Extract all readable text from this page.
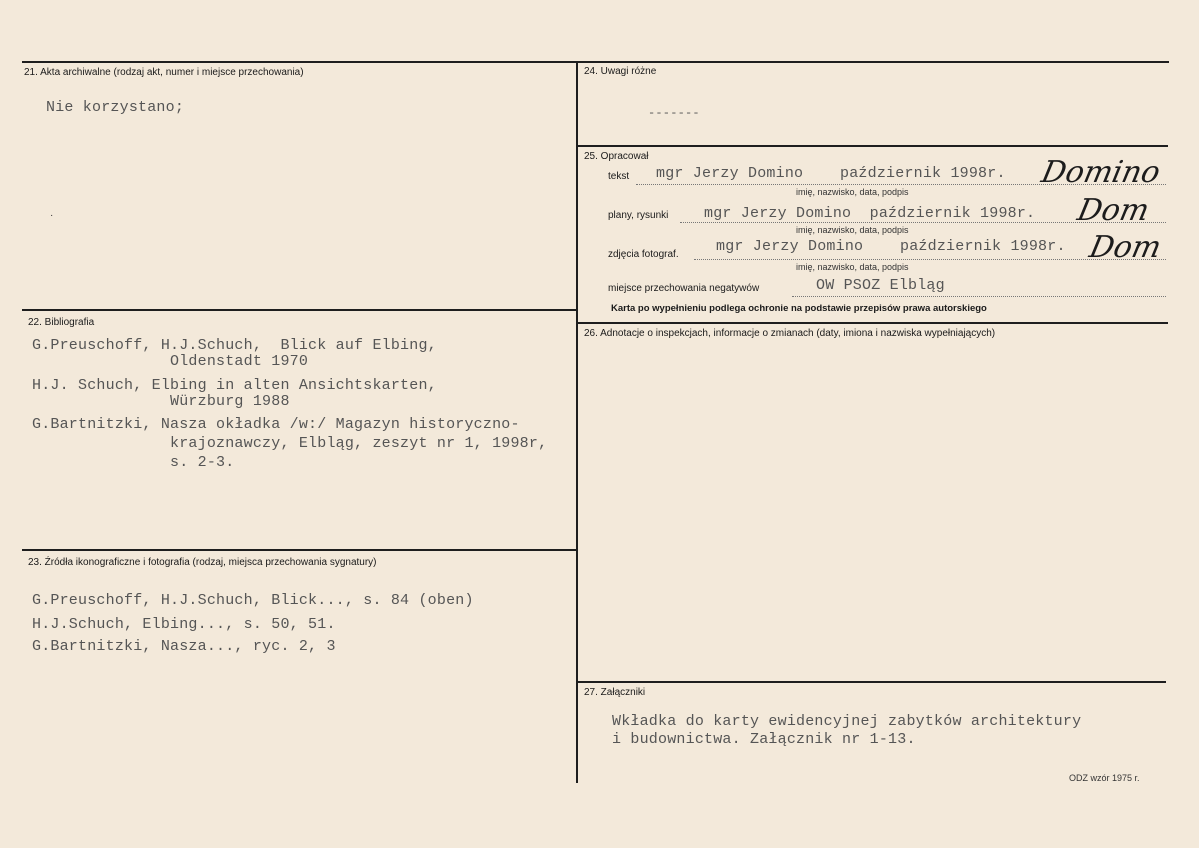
21. Akta archiwalne (rodzaj akt, numer i miejsce przechowania)
Nie korzystano;
·
22. Bibliografia
G.Preuschoff, H.J.Schuch,  Blick auf Elbing,
Oldenstadt 1970
H.J. Schuch, Elbing in alten Ansichtskarten,
Würzburg 1988
G.Bartnitzki, Nasza okładka /w:/ Magazyn historyczno-
krajoznawczy, Elbląg, zeszyt nr 1, 1998r,
s. 2-3.
23. Źródła ikonograficzne i fotografia (rodzaj, miejsca przechowania sygnatury)
G.Preuschoff, H.J.Schuch, Blick..., s. 84 (oben)
H.J.Schuch, Elbing..., s. 50, 51.
G.Bartnitzki, Nasza..., ryc. 2, 3
24. Uwagi różne
-------
25. Opracował
tekst mgr Jerzy Domino    październik 1998r.
imię, nazwisko, data, podpis
Domino
plany, rysunki mgr Jerzy Domino  październik 1998r.
imię, nazwisko, data, podpis
Dom
zdjęcia fotograf. mgr Jerzy Domino    październik 1998r.
imię, nazwisko, data, podpis
Dom
miejsce przechowania negatywów	OW PSOZ Elbląg
Karta po wypełnieniu podlega ochronie na podstawie przepisów prawa autorskiego
26. Adnotacje o inspekcjach, informacje o zmianach (daty, imiona i nazwiska wypełniających)
27. Załączniki
Wkładka do karty ewidencyjnej zabytków architektury
i budownictwa. Załącznik nr 1-13.
ODZ wzór 1975 r.
